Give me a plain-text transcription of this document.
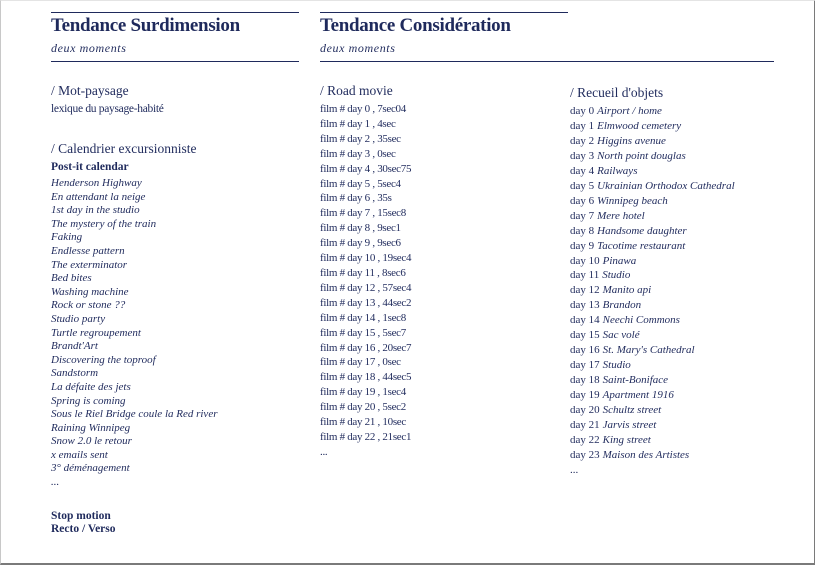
Tendance Surdimension
deux moments
Tendance Considération
deux moments
/ Mot-paysage
lexique du paysage-habité
/ Calendrier excursionniste
Post-it calendar
Henderson Highway
En attendant la neige
1st day in the studio
The mystery of the train
Faking
Endlesse pattern
The exterminator
Bed bites
Washing machine
Rock or stone ??
Studio party
Turtle regroupement
Brandt'Art
Discovering the toproof
Sandstorm
La défaite des jets
Spring is coming
Sous le Riel Bridge coule la Red river
Raining Winnipeg
Snow 2.0 le retour
x emails sent
3° déménagement
...
Stop motion
Recto / Verso
/ Road movie
film # day 0 , 7sec04
film # day 1 , 4sec
film # day 2 , 35sec
film # day 3 , 0sec
film # day 4 , 30sec75
film # day 5 , 5sec4
film # day 6 , 35s
film # day 7 , 15sec8
film # day 8 , 9sec1
film # day 9 , 9sec6
film # day 10 , 19sec4
film # day 11 , 8sec6
film # day 12 , 57sec4
film # day 13 , 44sec2
film # day 14 , 1sec8
film # day 15 , 5sec7
film # day 16 , 20sec7
film # day 17 , 0sec
film # day 18 , 44sec5
film # day 19 , 1sec4
film # day 20 , 5sec2
film # day 21 , 10sec
film # day 22 , 21sec1
...
/ Recueil d'objets
day 0 Airport / home
day 1 Elmwood cemetery
day 2 Higgins avenue
day 3 North point douglas
day 4 Railways
day 5 Ukrainian Orthodox Cathedral
day 6 Winnipeg beach
day 7 Mere hotel
day 8 Handsome daughter
day 9 Tacotime restaurant
day 10 Pinawa
day 11 Studio
day 12 Manito api
day 13 Brandon
day 14 Neechi Commons
day 15 Sac volé
day 16 St. Mary's Cathedral
day 17 Studio
day 18 Saint-Boniface
day 19 Apartment 1916
day 20 Schultz street
day 21 Jarvis street
day 22 King street
day 23 Maison des Artistes
...
